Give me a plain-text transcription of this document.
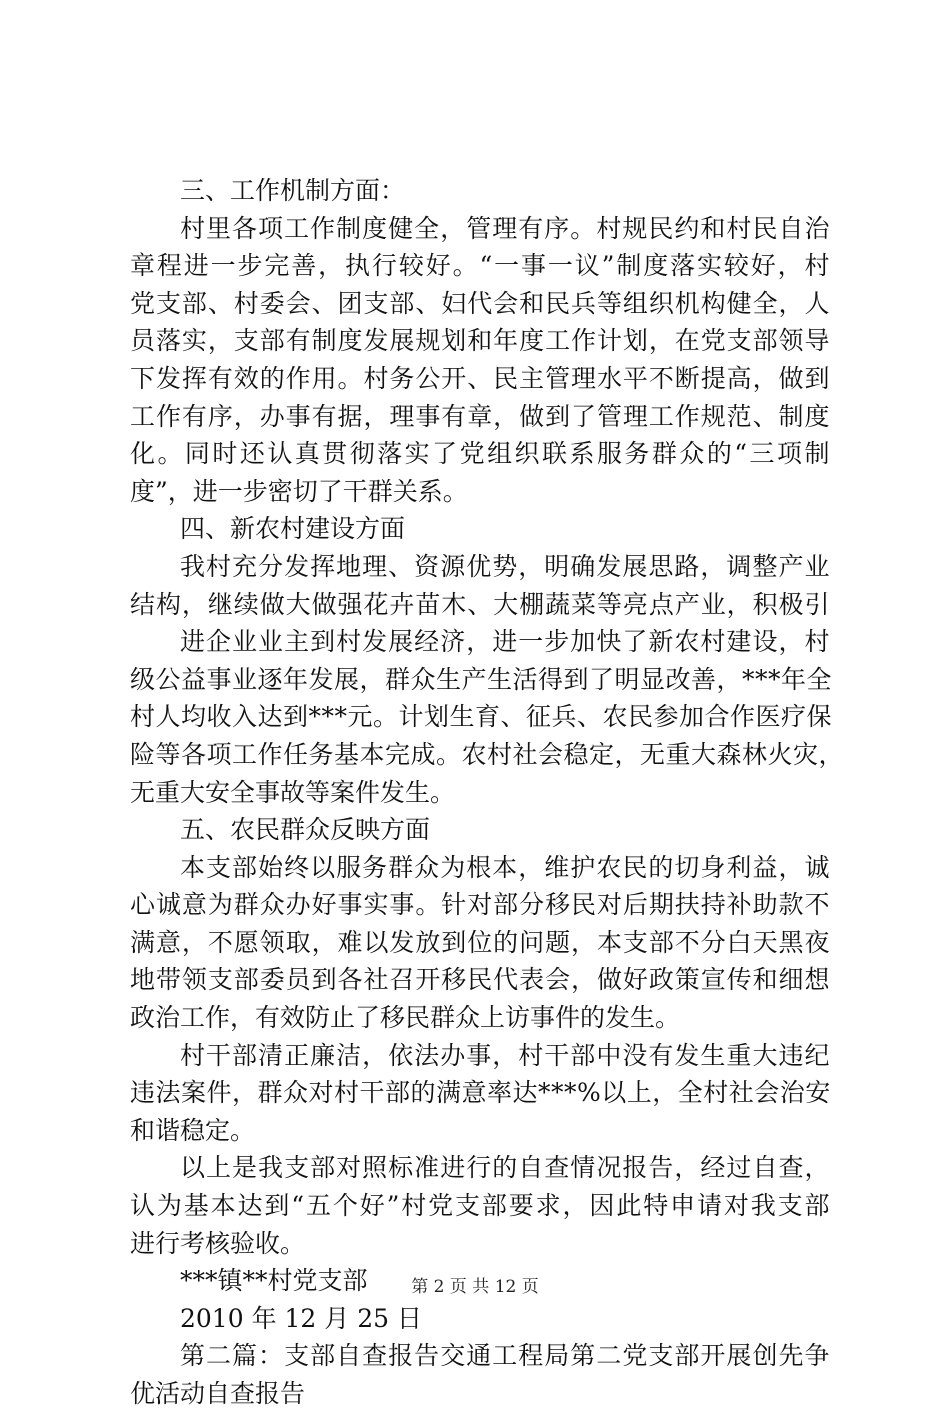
三、工作机制方面：
村里各项工作制度健全，管理有序。村规民约和村民自治
章程进一步完善，执行较好。“一事一议”制度落实较好，村
党支部、村委会、团支部、妇代会和民兵等组织机构健全，人
员落实，支部有制度发展规划和年度工作计划，在党支部领导
下发挥有效的作用。村务公开、民主管理水平不断提高，做到
工作有序，办事有据，理事有章，做到了管理工作规范、制度
化。同时还认真贯彻落实了党组织联系服务群众的“三项制
度”，进一步密切了干群关系。
四、新农村建设方面
我村充分发挥地理、资源优势，明确发展思路，调整产业
结构，继续做大做强花卉苗木、大棚蔬菜等亮点产业，积极引
进企业业主到村发展经济，进一步加快了新农村建设，村
级公益事业逐年发展，群众生产生活得到了明显改善，***年全
村人均收入达到***元。计划生育、征兵、农民参加合作医疗保
险等各项工作任务基本完成。农村社会稳定，无重大森林火灾，
无重大安全事故等案件发生。
五、农民群众反映方面
本支部始终以服务群众为根本，维护农民的切身利益，诚
心诚意为群众办好事实事。针对部分移民对后期扶持补助款不
满意，不愿领取，难以发放到位的问题，本支部不分白天黑夜
地带领支部委员到各社召开移民代表会，做好政策宣传和细想
政治工作，有效防止了移民群众上访事件的发生。
村干部清正廉洁，依法办事，村干部中没有发生重大违纪
违法案件，群众对村干部的满意率达***%以上，全村社会治安
和谐稳定。
以上是我支部对照标准进行的自查情况报告，经过自查，
认为基本达到“五个好”村党支部要求，因此特申请对我支部
进行考核验收。
***镇**村党支部
2010 年 12 月 25 日
第二篇：支部自查报告交通工程局第二党支部开展创先争
优活动自查报告
第 2 页 共 12 页
